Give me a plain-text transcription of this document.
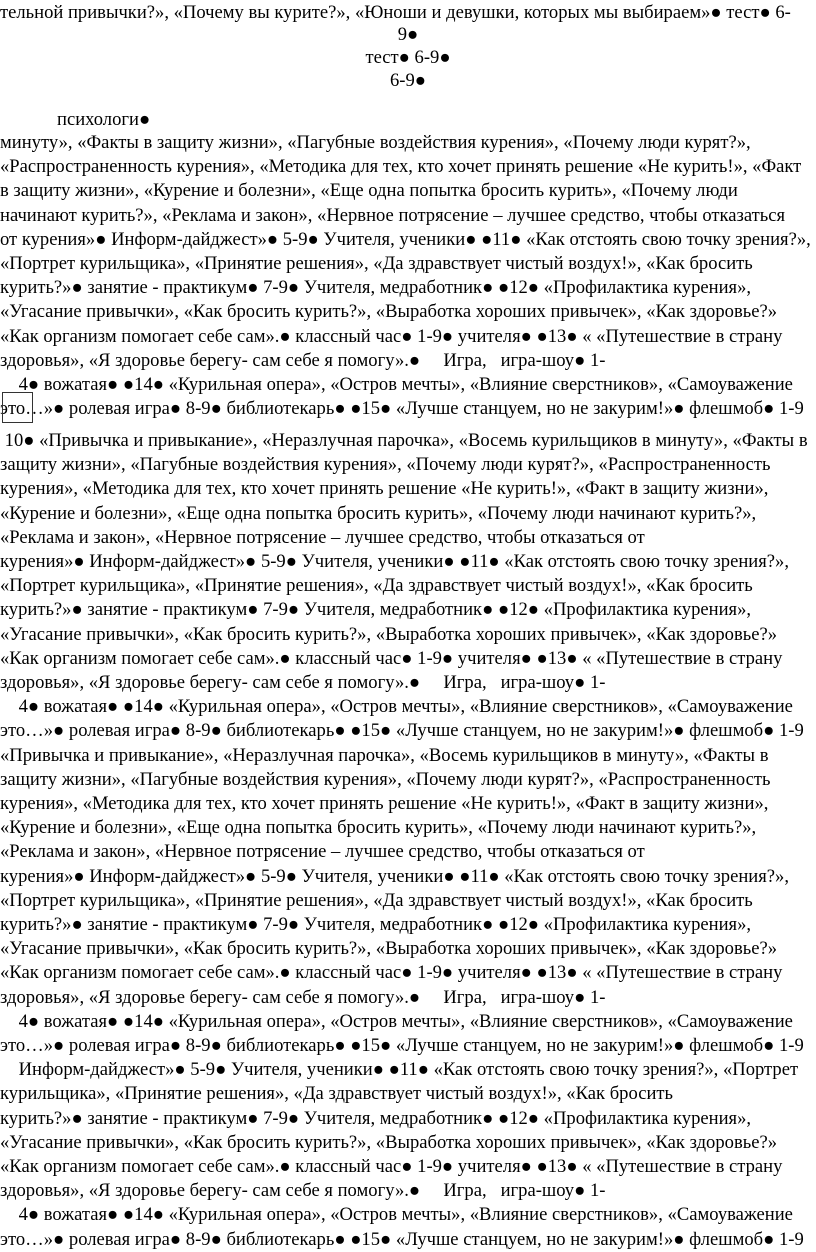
тельной привычки?», «Почему вы курите?», «Юноши и девушки, которых мы выбираем»● тест● 6-
9●
тест● 6-9●
6-9●
психологи●
минуту», «Факты в защиту жизни», «Пагубные воздействия курения», «Почему люди курят?»,
«Распространенность курения», «Методика для тех, кто хочет принять решение «Не курить!», «Факт
в защиту жизни», «Курение и болезни», «Еще одна попытка бросить курить», «Почему люди
начинают курить?», «Реклама и закон», «Нервное потрясение – лучшее средство, чтобы отказаться
от курения»● Информ-дайджест»● 5-9● Учителя, ученики● ●11● «Как отстоять свою точку зрения?»,
«Портрет курильщика», «Принятие решения», «Да здравствует чистый воздух!», «Как бросить
курить?»● занятие - практикум● 7-9● Учителя, медработник● ●12● «Профилактика курения»,
«Угасание привычки», «Как бросить курить?», «Выработка хороших привычек», «Как здоровье?»
«Как организм помогает себе сам».● классный час● 1-9● учителя● ●13● « «Путешествие в страну
здоровья», «Я здоровье берегу- сам себе я помогу».●     Игра,   игра-шоу● 1-
4● вожатая● ●14● «Курильная опера», «Остров мечты», «Влияние сверстников», «Самоуважение
это…»● ролевая игра● 8-9● библиотекарь● ●15● «Лучше станцуем, но не закурим!»● флешмоб● 1-9
10● «Привычка и привыкание», «Неразлучная парочка», «Восемь курильщиков в минуту», «Факты в
защиту жизни», «Пагубные воздействия курения», «Почему люди курят?», «Распространенность
курения», «Методика для тех, кто хочет принять решение «Не курить!», «Факт в защиту жизни»,
«Курение и болезни», «Еще одна попытка бросить курить», «Почему люди начинают курить?»,
«Реклама и закон», «Нервное потрясение – лучшее средство, чтобы отказаться от
курения»● Информ-дайджест»● 5-9● Учителя, ученики● ●11● «Как отстоять свою точку зрения?»,
«Портрет курильщика», «Принятие решения», «Да здравствует чистый воздух!», «Как бросить
курить?»● занятие - практикум● 7-9● Учителя, медработник● ●12● «Профилактика курения»,
«Угасание привычки», «Как бросить курить?», «Выработка хороших привычек», «Как здоровье?»
«Как организм помогает себе сам».● классный час● 1-9● учителя● ●13● « «Путешествие в страну
здоровья», «Я здоровье берегу- сам себе я помогу».●     Игра,   игра-шоу● 1-
4● вожатая● ●14● «Курильная опера», «Остров мечты», «Влияние сверстников», «Самоуважение
это…»● ролевая игра● 8-9● библиотекарь● ●15● «Лучше станцуем, но не закурим!»● флешмоб● 1-9
«Привычка и привыкание», «Неразлучная парочка», «Восемь курильщиков в минуту», «Факты в
защиту жизни», «Пагубные воздействия курения», «Почему люди курят?», «Распространенность
курения», «Методика для тех, кто хочет принять решение «Не курить!», «Факт в защиту жизни»,
«Курение и болезни», «Еще одна попытка бросить курить», «Почему люди начинают курить?»,
«Реклама и закон», «Нервное потрясение – лучшее средство, чтобы отказаться от
курения»● Информ-дайджест»● 5-9● Учителя, ученики● ●11● «Как отстоять свою точку зрения?»,
«Портрет курильщика», «Принятие решения», «Да здравствует чистый воздух!», «Как бросить
курить?»● занятие - практикум● 7-9● Учителя, медработник● ●12● «Профилактика курения»,
«Угасание привычки», «Как бросить курить?», «Выработка хороших привычек», «Как здоровье?»
«Как организм помогает себе сам».● классный час● 1-9● учителя● ●13● « «Путешествие в страну
здоровья», «Я здоровье берегу- сам себе я помогу».●     Игра,   игра-шоу● 1-
4● вожатая● ●14● «Курильная опера», «Остров мечты», «Влияние сверстников», «Самоуважение
это…»● ролевая игра● 8-9● библиотекарь● ●15● «Лучше станцуем, но не закурим!»● флешмоб● 1-9
Информ-дайджест»● 5-9● Учителя, ученики● ●11● «Как отстоять свою точку зрения?», «Портрет
курильщика», «Принятие решения», «Да здравствует чистый воздух!», «Как бросить
курить?»● занятие - практикум● 7-9● Учителя, медработник● ●12● «Профилактика курения»,
«Угасание привычки», «Как бросить курить?», «Выработка хороших привычек», «Как здоровье?»
«Как организм помогает себе сам».● классный час● 1-9● учителя● ●13● « «Путешествие в страну
здоровья», «Я здоровье берегу- сам себе я помогу».●     Игра,   игра-шоу● 1-
4● вожатая● ●14● «Курильная опера», «Остров мечты», «Влияние сверстников», «Самоуважение
это…»● ролевая игра● 8-9● библиотекарь● ●15● «Лучше станцуем, но не закурим!»● флешмоб● 1-9
